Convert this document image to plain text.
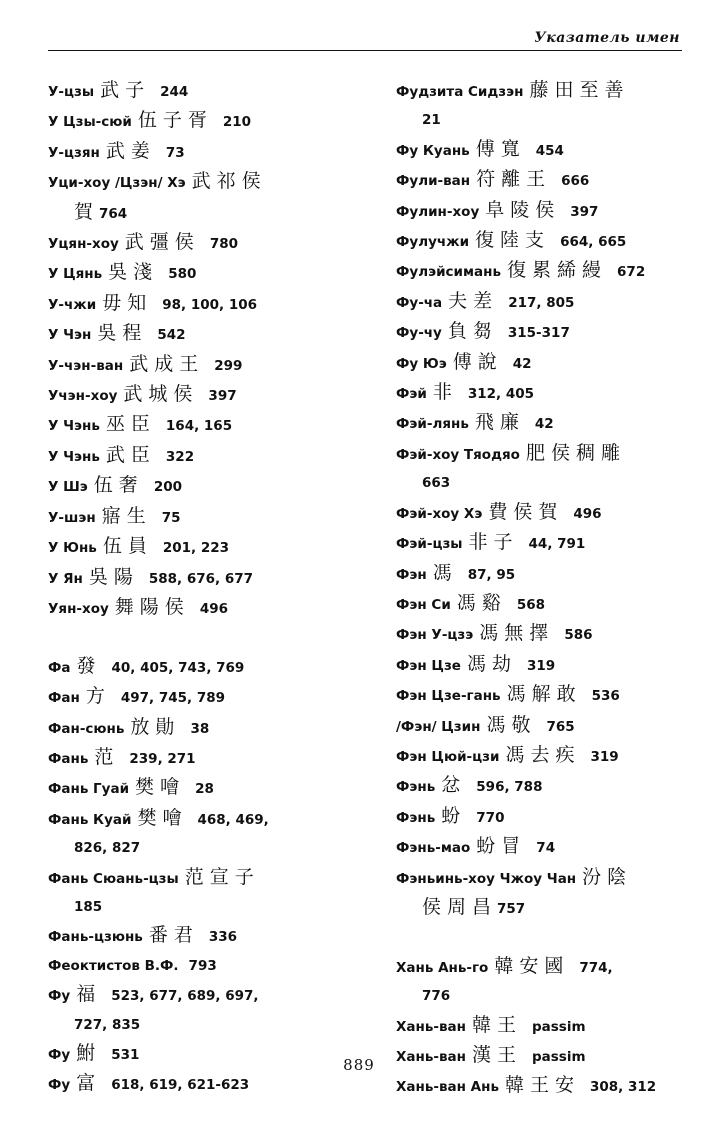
Указатель имен
У-цзы 武子 244
У Цзы-сюй 伍子胥 210
У-цзян 武姜 73
Уци-хоу /Цзэн/ Хэ 武祁侯
賀764
Уцян-хоу 武彊侯 780
У Цянь 吳淺 580
У-чжи 毋知 98, 100, 106
У Чэн 吳程 542
У-чэн-ван 武成王 299
Учэн-хоу 武城侯 397
У Чэнь 巫臣 164, 165
У Чэнь 武臣 322
У Шэ 伍奢 200
У-шэн 寤生 75
У Юнь 伍員 201, 223
У Ян 吳陽 588, 676, 677
Уян-хоу 舞陽侯 496
Фа 發 40, 405, 743, 769
Фан 方 497, 745, 789
Фан-сюнь 放勛 38
Фань 范 239, 271
Фань Гуай 樊噲 28
Фань Куай 樊噲 468, 469,
826, 827
Фань Сюань-цзы 范宣子
185
Фань-цзюнь 番君 336
Феоктистов В.Ф. 793
Фу 福 523, 677, 689, 697,
727, 835
Фу 鮒 531
Фу 富 618, 619, 621-623
Фудзита Сидзэн 藤田至善
21
Фу Куань 傅寬 454
Фули-ван 符離王 666
Фулин-хоу 阜陵侯 397
Фулучжи 復陸支 664, 665
Фулэйсимань 復累絺縵 672
Фу-ча 夫差 217, 805
Фу-чу 負芻 315-317
Фу Юэ 傅說 42
Фэй 非 312, 405
Фэй-лянь 飛廉 42
Фэй-хоу Тяодяо 肥侯稠雕
663
Фэй-хоу Хэ 費侯賀 496
Фэй-цзы 非子 44, 791
Фэн 馮 87, 95
Фэн Си 馮谿 568
Фэн У-цзэ 馮無擇 586
Фэн Цзе 馮劫 319
Фэн Цзе-гань 馮解敢 536
/Фэн/ Цзин 馮敬 765
Фэн Цюй-цзи 馮去疾 319
Фэнь 忿 596, 788
Фэнь 蚡 770
Фэнь-мао 蚡冒 74
Фэньинь-хоу Чжоу Чан 汾陰
侯周昌757
Хань Ань-го 韓安國 774,
776
Хань-ван 韓王 passim
Хань-ван 漢王 passim
Хань-ван Ань 韓王安 308, 312
889
